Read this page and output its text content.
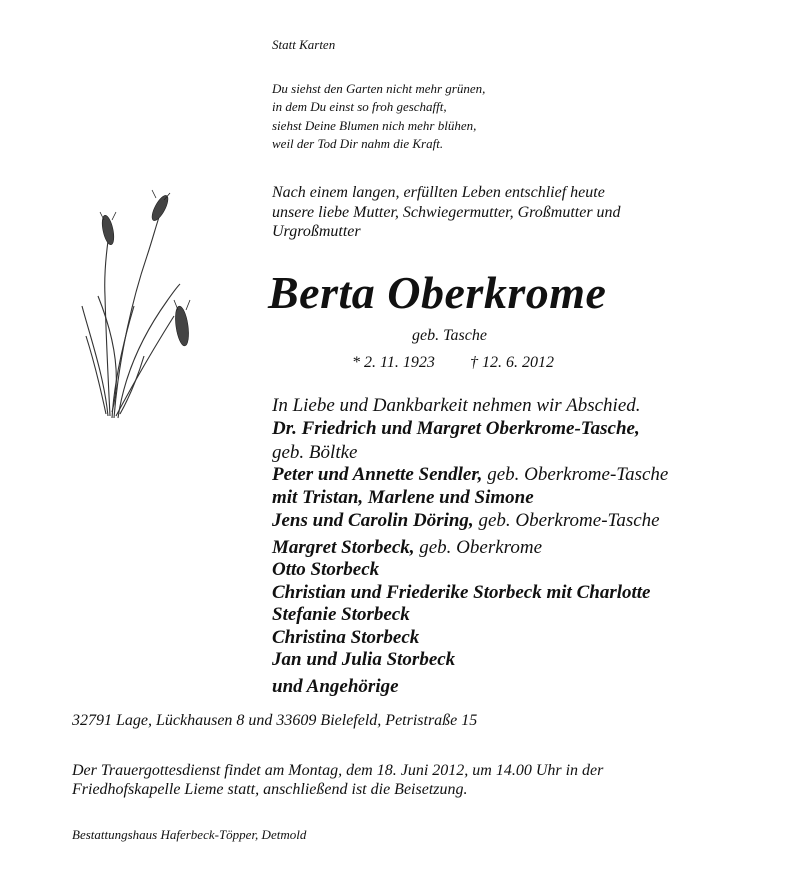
Statt Karten
Du siehst den Garten nicht mehr grünen,
in dem Du einst so froh geschafft,
siehst Deine Blumen nich mehr blühen,
weil der Tod Dir nahm die Kraft.
Nach einem langen, erfüllten Leben entschlief heute
unsere liebe Mutter, Schwiegermutter, Großmutter und
Urgroßmutter
Berta Oberkrome
geb. Tasche
* 2. 11. 1923 † 12. 6. 2012
In Liebe und Dankbarkeit nehmen wir Abschied.
Dr. Friedrich und Margret Oberkrome-Tasche,
geb. Böltke
Peter und Annette Sendler, geb. Oberkrome-Tasche
mit Tristan, Marlene und Simone
Jens und Carolin Döring, geb. Oberkrome-Tasche
Margret Storbeck, geb. Oberkrome
Otto Storbeck
Christian und Friederike Storbeck mit Charlotte
Stefanie Storbeck
Christina Storbeck
Jan und Julia Storbeck
und Angehörige
32791 Lage, Lückhausen 8 und 33609 Bielefeld, Petristraße 15
Der Trauergottesdienst findet am Montag, dem 18. Juni 2012, um 14.00 Uhr in der
Friedhofskapelle Lieme statt, anschließend ist die Beisetzung.
Bestattungshaus Haferbeck-Töpper, Detmold
